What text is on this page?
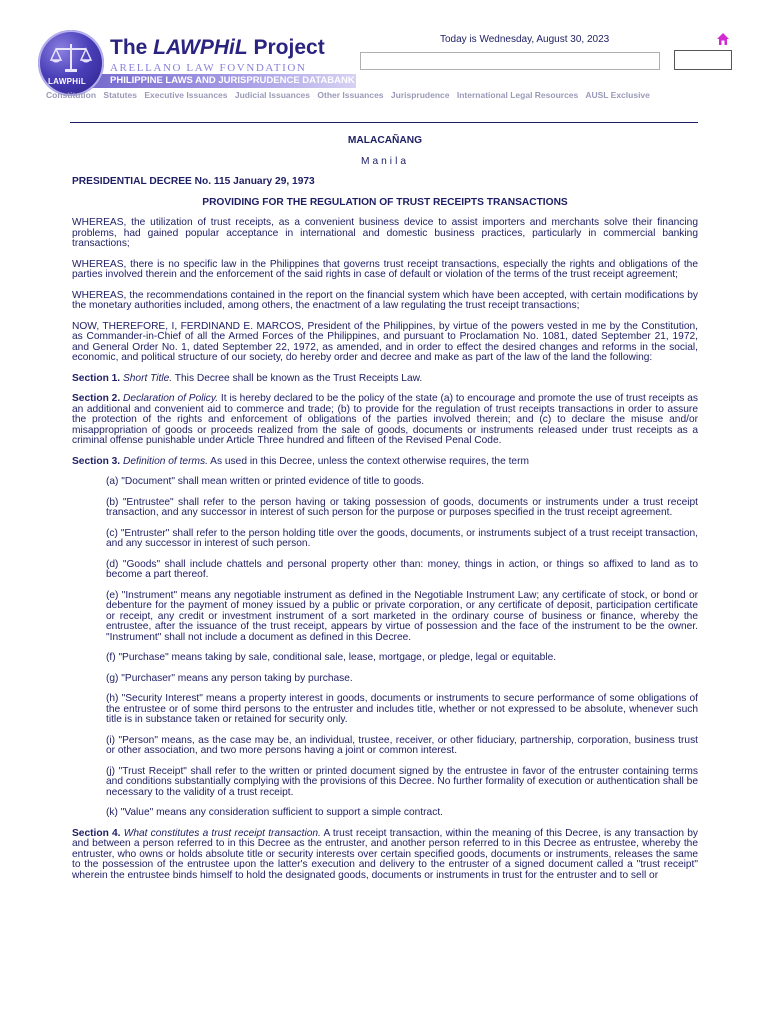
PHILIPPINE LAWS AND JURISPRUDENCE DATABANK
LAWPHiL
The LAWPHiL Project
ARELLANO LAW FOVNDATION
Today is Wednesday, August 30, 2023
Constitution Statutes Executive Issuances Judicial Issuances Other Issuances Jurisprudence International Legal Resources AUSL Exclusive

MALACAÑANG

Manila

PRESIDENTIAL DECREE No. 115 January 29, 1973

PROVIDING FOR THE REGULATION OF TRUST RECEIPTS TRANSACTIONS

WHEREAS, the utilization of trust receipts, as a convenient business device to assist importers and merchants solve their financing problems, had gained popular acceptance in international and domestic business practices, particularly in commercial banking transactions;

WHEREAS, there is no specific law in the Philippines that governs trust receipt transactions, especially the rights and obligations of the parties involved therein and the enforcement of the said rights in case of default or violation of the terms of the trust receipt agreement;

WHEREAS, the recommendations contained in the report on the financial system which have been accepted, with certain modifications by the monetary authorities included, among others, the enactment of a law regulating the trust receipt transactions;

NOW, THEREFORE, I, FERDINAND E. MARCOS, President of the Philippines, by virtue of the powers vested in me by the Constitution, as Commander-in-Chief of all the Armed Forces of the Philippines, and pursuant to Proclamation No. 1081, dated September 21, 1972, and General Order No. 1, dated September 22, 1972, as amended, and in order to effect the desired changes and reforms in the social, economic, and political structure of our society, do hereby order and decree and make as part of the law of the land the following:

Section 1. Short Title. This Decree shall be known as the Trust Receipts Law.

Section 2. Declaration of Policy. It is hereby declared to be the policy of the state (a) to encourage and promote the use of trust receipts as an additional and convenient aid to commerce and trade; (b) to provide for the regulation of trust receipts transactions in order to assure the protection of the rights and enforcement of obligations of the parties involved therein; and (c) to declare the misuse and/or misappropriation of goods or proceeds realized from the sale of goods, documents or instruments released under trust receipts as a criminal offense punishable under Article Three hundred and fifteen of the Revised Penal Code.

Section 3. Definition of terms. As used in this Decree, unless the context otherwise requires, the term

(a) "Document" shall mean written or printed evidence of title to goods.

(b) "Entrustee" shall refer to the person having or taking possession of goods, documents or instruments under a trust receipt transaction, and any successor in interest of such person for the purpose or purposes specified in the trust receipt agreement.

(c) "Entruster" shall refer to the person holding title over the goods, documents, or instruments subject of a trust receipt transaction, and any successor in interest of such person.

(d) "Goods" shall include chattels and personal property other than: money, things in action, or things so affixed to land as to become a part thereof.

(e) "Instrument" means any negotiable instrument as defined in the Negotiable Instrument Law; any certificate of stock, or bond or debenture for the payment of money issued by a public or private corporation, or any certificate of deposit, participation certificate or receipt, any credit or investment instrument of a sort marketed in the ordinary course of business or finance, whereby the entrustee, after the issuance of the trust receipt, appears by virtue of possession and the face of the instrument to be the owner. "Instrument" shall not include a document as defined in this Decree.

(f) "Purchase" means taking by sale, conditional sale, lease, mortgage, or pledge, legal or equitable.

(g) "Purchaser" means any person taking by purchase.

(h) "Security Interest" means a property interest in goods, documents or instruments to secure performance of some obligations of the entrustee or of some third persons to the entruster and includes title, whether or not expressed to be absolute, whenever such title is in substance taken or retained for security only.

(i) "Person" means, as the case may be, an individual, trustee, receiver, or other fiduciary, partnership, corporation, business trust or other association, and two more persons having a joint or common interest.

(j) "Trust Receipt" shall refer to the written or printed document signed by the entrustee in favor of the entruster containing terms and conditions substantially complying with the provisions of this Decree. No further formality of execution or authentication shall be necessary to the validity of a trust receipt.

(k) "Value" means any consideration sufficient to support a simple contract.

Section 4. What constitutes a trust receipt transaction. A trust receipt transaction, within the meaning of this Decree, is any transaction by and between a person referred to in this Decree as the entruster, and another person referred to in this Decree as entrustee, whereby the entruster, who owns or holds absolute title or security interests over certain specified goods, documents or instruments, releases the same to the possession of the entrustee upon the latter's execution and delivery to the entruster of a signed document called a "trust receipt" wherein the entrustee binds himself to hold the designated goods, documents or instruments in trust for the entruster and to sell or
